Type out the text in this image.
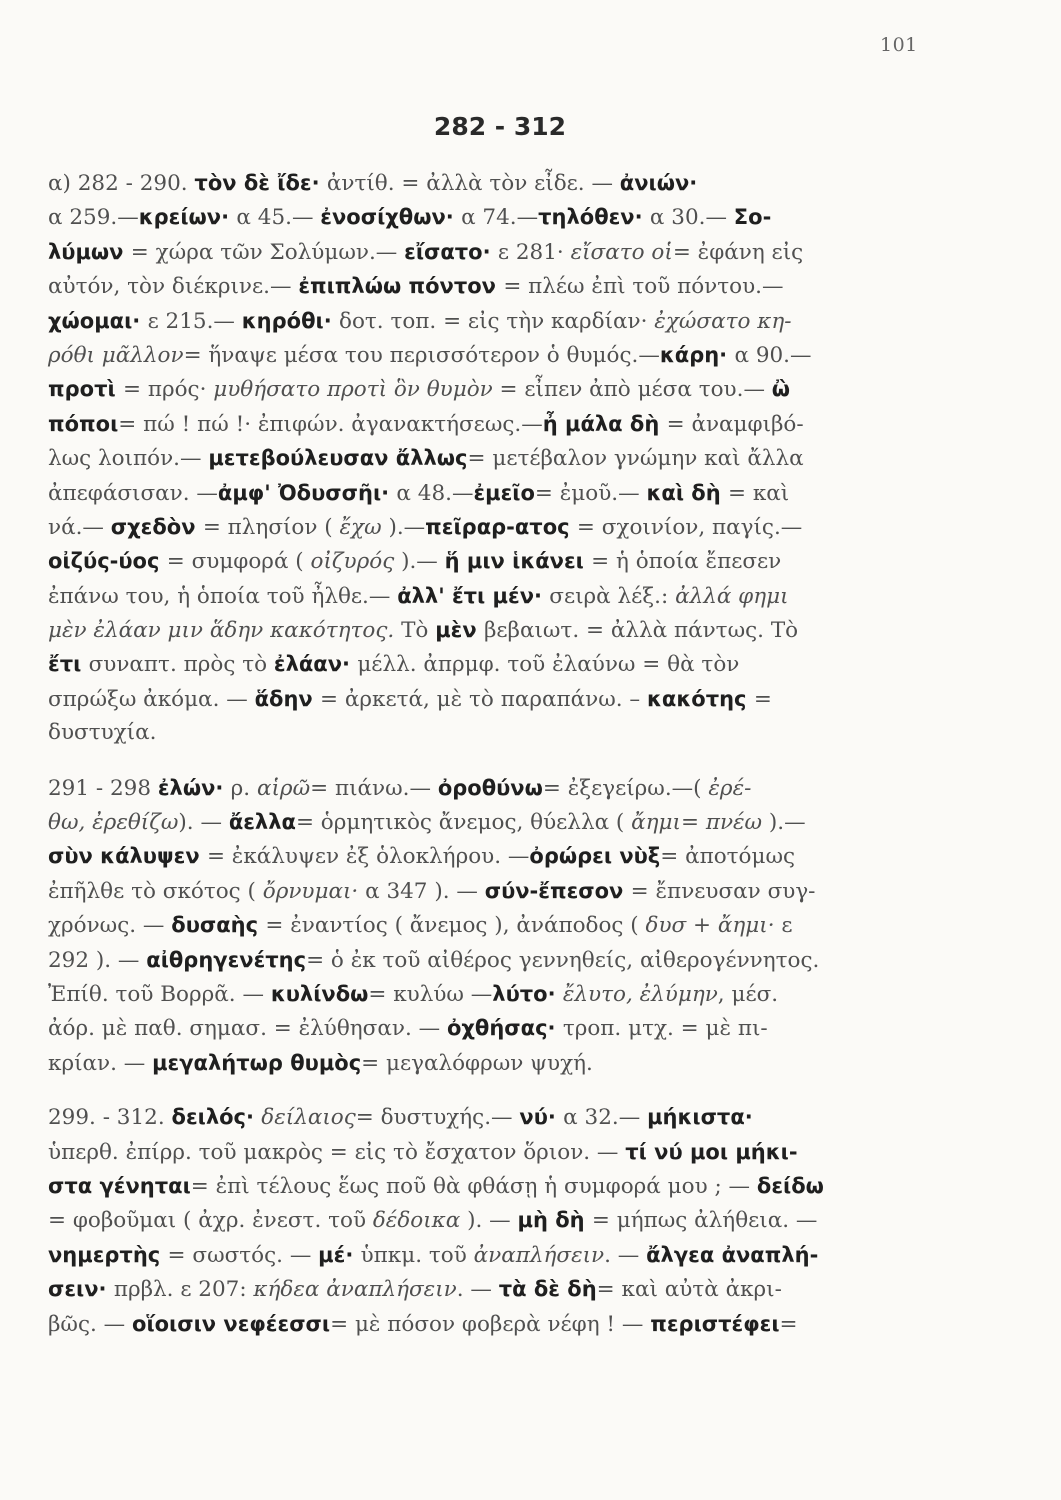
101
282 - 312
α) 282 - 290. τὸν δὲ ἴδε· ἀντίθ. = ἀλλὰ τὸν εἶδε. — ἀνιών·
α 259.—κρείων· α 45.— ἐνοσίχθων· α 74.—τηλόθεν· α 30.— Σο-
λύμων = χώρα τῶν Σολύμων.— εἴσατο· ε 281· εἴσατο οἱ= ἐφάνη εἰς
αὐτόν, τὸν διέκρινε.— ἐπιπλώω πόντον = πλέω ἐπὶ τοῦ πόντου.—
χώομαι· ε 215.— κηρόθι· δοτ. τοπ. = εἰς τὴν καρδίαν· ἐχώσατο κη-
ρόθι μᾶλλον= ἥναψε μέσα του περισσότερον ὁ θυμός.—κάρη· α 90.—
προτὶ = πρός· μυθήσατο προτὶ ὃν θυμὸν = εἶπεν ἀπὸ μέσα του.— ὢ
πόποι= πώ ! πώ !· ἐπιφών. ἀγανακτήσεως.—ἦ μάλα δὴ = ἀναμφιβό-
λως λοιπόν.— μετεβούλευσαν ἄλλως= μετέβαλον γνώμην καὶ ἄλλα
ἀπεφάσισαν. —ἀμφ' Ὀδυσσῆι· α 48.—ἐμεῖο= ἐμοῦ.— καὶ δὴ = καὶ
νά.— σχεδὸν = πλησίον ( ἔχω ).—πεῖραρ-ατος = σχοινίον, παγίς.—
οἰζύς-ύος = συμφορά ( οἰζυρός ).— ἥ μιν ἱκάνει = ἡ ὁποία ἔπεσεν
ἐπάνω του, ἡ ὁποία τοῦ ἦλθε.— ἀλλ' ἔτι μέν· σειρὰ λέξ.: ἀλλά φημι
μὲν ἐλάαν μιν ἅδην κακότητος. Τὸ μὲν βεβαιωτ. = ἀλλὰ πάντως. Τὸ
ἔτι συναπτ. πρὸς τὸ ἐλάαν· μέλλ. ἀπρμφ. τοῦ ἐλαύνω = θὰ τὸν
σπρώξω ἀκόμα. — ἅδην = ἀρκετά, μὲ τὸ παραπάνω. – κακότης =
δυστυχία.
291 - 298 ἐλών· ρ. αἱρῶ= πιάνω.— ὀροθύνω= ἐξεγείρω.—( ἐρέ-
θω, ἐρεθίζω). — ἄελλα= ὁρμητικὸς ἄνεμος, θύελλα ( ἄημι= πνέω ).—
σὺν κάλυψεν = ἐκάλυψεν ἐξ ὁλοκλήρου. —ὀρώρει νὺξ= ἀποτόμως
ἐπῆλθε τὸ σκότος ( ὄρνυμαι· α 347 ). — σύν-ἔπεσον = ἔπνευσαν συγ-
χρόνως. — δυσαὴς = ἐναντίος ( ἄνεμος ), ἀνάποδος ( δυσ + ἄημι· ε
292 ). — αἰθρηγενέτης= ὁ ἐκ τοῦ αἰθέρος γεννηθείς, αἰθερογέννητος.
Ἐπίθ. τοῦ Βορρᾶ. — κυλίνδω= κυλύω —λύτο· ἔλυτο, ἐλύμην, μέσ.
ἀόρ. μὲ παθ. σημασ. = ἐλύθησαν. — ὀχθήσας· τροπ. μτχ. = μὲ πι-
κρίαν. — μεγαλήτωρ θυμὸς= μεγαλόφρων ψυχή.
299. - 312. δειλός· δείλαιος= δυστυχής.— νύ· α 32.— μήκιστα·
ὑπερθ. ἐπίρρ. τοῦ μακρὸς = εἰς τὸ ἔσχατον ὅριον. — τί νύ μοι μήκι-
στα γένηται= ἐπὶ τέλους ἕως ποῦ θὰ φθάσῃ ἡ συμφορά μου ; — δείδω
= φοβοῦμαι ( ἀχρ. ἐνεστ. τοῦ δέδοικα ). — μὴ δὴ = μήπως ἀλήθεια. —
νημερτὴς = σωστός. — μέ· ὑπκμ. τοῦ ἀναπλήσειν. — ἄλγεα ἀναπλή-
σειν· πρβλ. ε 207: κήδεα ἀναπλήσειν. — τὰ δὲ δὴ= καὶ αὐτὰ ἀκρι-
βῶς. — οἵοισιν νεφέεσσι= μὲ πόσον φοβερὰ νέφη ! — περιστέφει=
